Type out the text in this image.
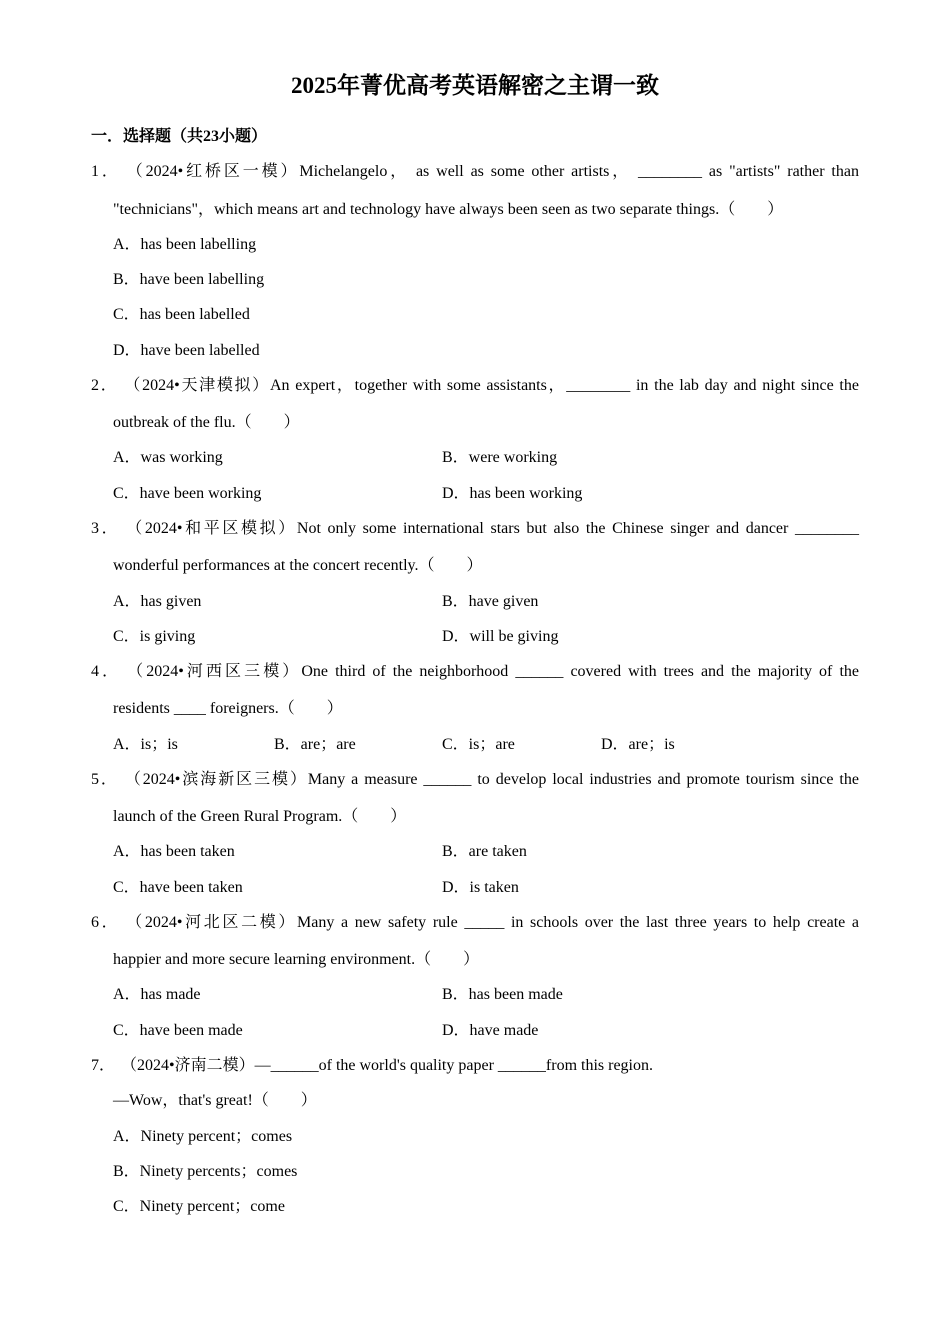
2025年菁优高考英语解密之主谓一致
一．选择题（共23小题）
1． （2024•红桥区一模）Michelangelo， as well as some other artists， ________ as "artists" rather than
"technicians"，which means art and technology have always been seen as two separate things.（　　）
A．has been labelling
B．have been labelling
C．has been labelled
D．have been labelled
2． （2024•天津模拟）An expert，together with some assistants，________ in the lab day and night since the
outbreak of the flu.（　　）
A．was working	B．were working
C．have been working	D．has been working
3． （2024•和平区模拟）Not only some international stars but also the Chinese singer and dancer ________
wonderful performances at the concert recently.（　　）
A．has given	B．have given
C．is giving	D．will be giving
4． （2024•河西区三模）One third of the neighborhood ______ covered with trees and the majority of the
residents ____ foreigners.（　　）
A．is；is	B．are；are	C．is；are	D．are；is
5． （2024•滨海新区三模）Many a measure ______ to develop local industries and promote tourism since the
launch of the Green Rural Program.（　　）
A．has been taken	B．are taken
C．have been taken	D．is taken
6． （2024•河北区二模）Many a new safety rule _____ in schools over the last three years to help create a
happier and more secure learning environment.（　　）
A．has made	B．has been made
C．have been made	D．have made
7． （2024•济南二模）—______of the world's quality paper ______from this region.
—Wow，that's great!（　　）
A．Ninety percent；comes
B．Ninety percents；comes
C．Ninety percent；come
